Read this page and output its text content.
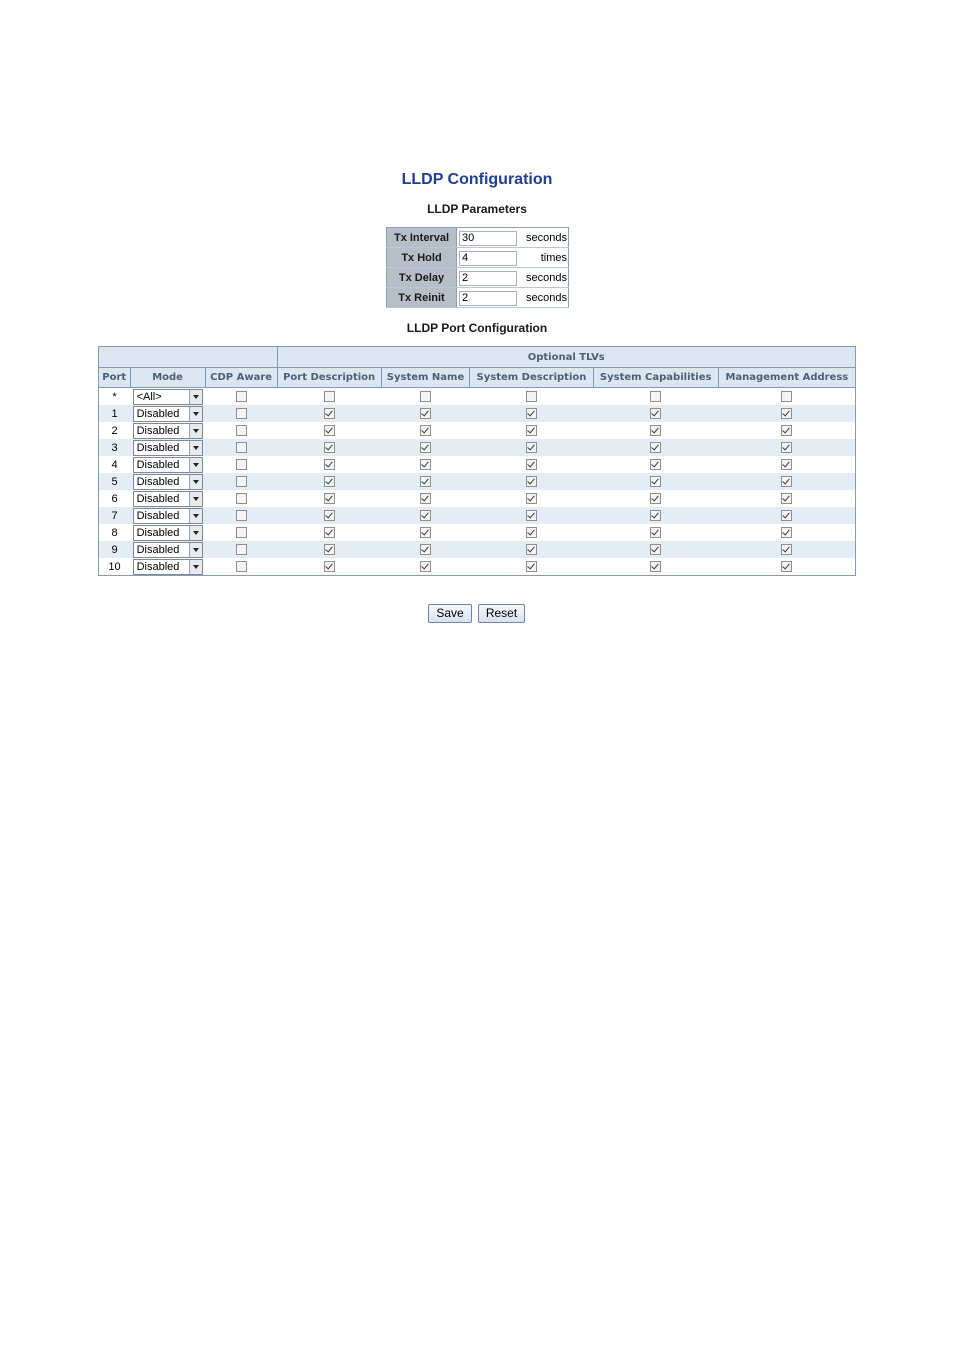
LLDP Configuration
LLDP Parameters
Tx Interval	30	seconds
Tx Hold	4	times
Tx Delay	2	seconds
Tx Reinit	2	seconds
LLDP Port Configuration
			Optional TLVs				
Port	Mode	CDP Aware	Port Description	System Name	System Description	System Capabilities	Management Address
*	<All>

1	Disabled

2	Disabled

3	Disabled

4	Disabled

5	Disabled

6	Disabled

7	Disabled

8	Disabled

9	Disabled

10	Disabled

Save	Reset
